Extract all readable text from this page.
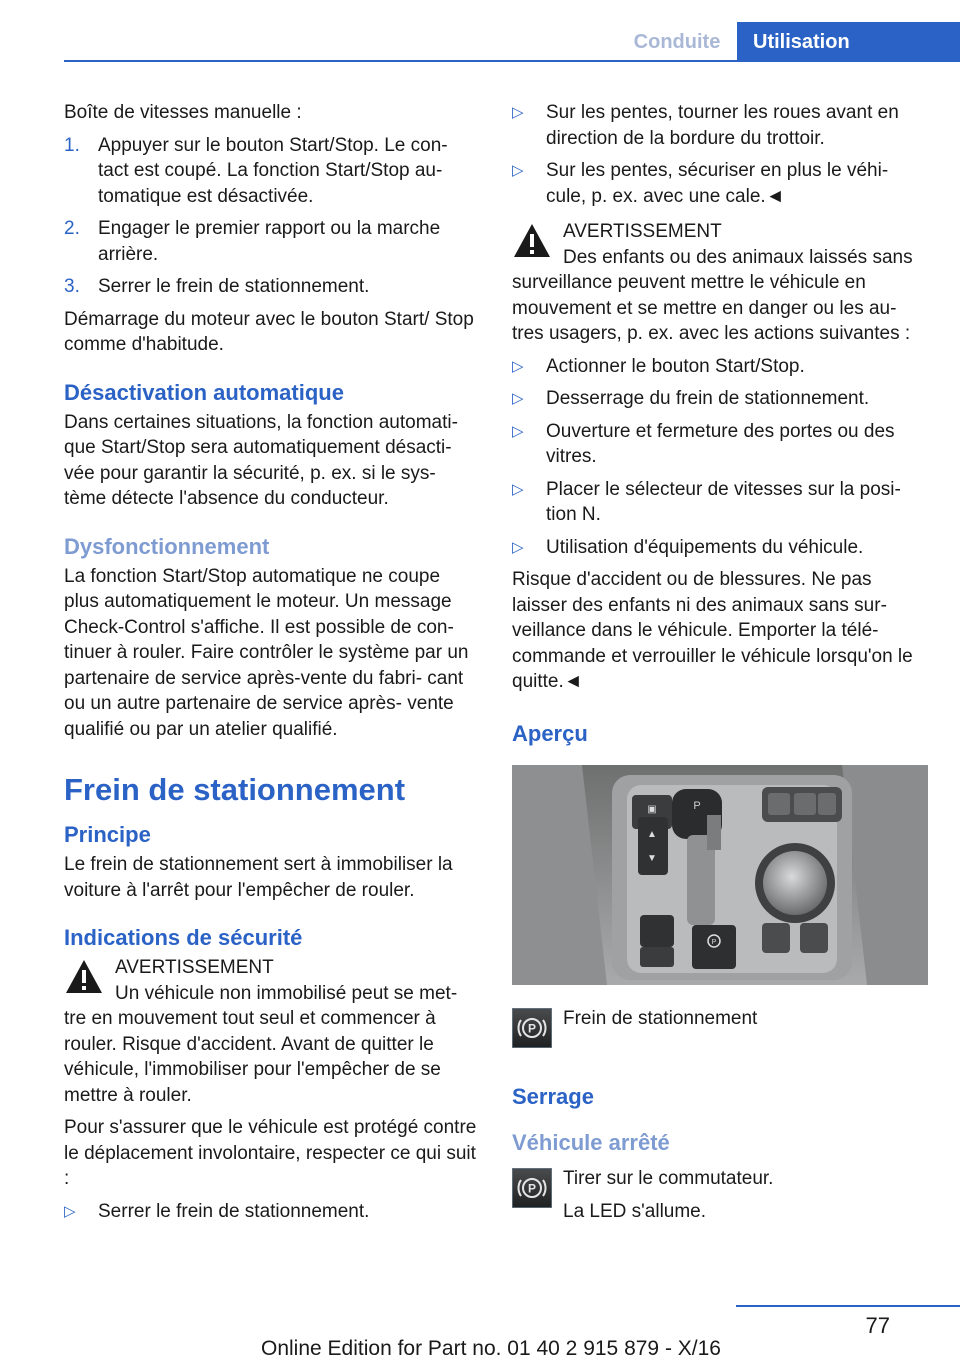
Conduite	Utilisation

Boîte de vitesses manuelle :

1. Appuyer sur le bouton Start/Stop. Le con‐ tact est coupé. La fonction Start/Stop au‐ tomatique est désactivée.
2. Engager le premier rapport ou la marche arrière.
3. Serrer le frein de stationnement.

Démarrage du moteur avec le bouton Start/ Stop comme d'habitude.

Désactivation automatique

Dans certaines situations, la fonction automati‐ que Start/Stop sera automatiquement désacti‐ vée pour garantir la sécurité, p. ex. si le sys‐ tème détecte l'absence du conducteur.

Dysfonctionnement

La fonction Start/Stop automatique ne coupe plus automatiquement le moteur. Un message Check-Control s'affiche. Il est possible de con‐ tinuer à rouler. Faire contrôler le système par un partenaire de service après-vente du fabri‐ cant ou un autre partenaire de service après- vente qualifié ou par un atelier qualifié.

Frein de stationnement
Principe

Le frein de stationnement sert à immobiliser la voiture à l'arrêt pour l'empêcher de rouler.

Indications de sécurité
AVERTISSEMENT
Un véhicule non immobilisé peut se met‐ tre en mouvement tout seul et commencer à rouler. Risque d'accident. Avant de quitter le véhicule, l'immobiliser pour l'empêcher de se mettre à rouler.

Pour s'assurer que le véhicule est protégé contre le déplacement involontaire, respecter ce qui suit :

▷	Serrer le frein de stationnement.
▷	Sur les pentes, tourner les roues avant en direction de la bordure du trottoir.
▷	Sur les pentes, sécuriser en plus le véhi‐ cule, p. ex. avec une cale.◄
AVERTISSEMENT
Des enfants ou des animaux laissés sans surveillance peuvent mettre le véhicule en mouvement et se mettre en danger ou les au‐ tres usagers, p. ex. avec les actions suivantes :
▷	Actionner le bouton Start/Stop.
▷	Desserrage du frein de stationnement.
▷	Ouverture et fermeture des portes ou des vitres.
▷	Placer le sélecteur de vitesses sur la posi‐ tion N.
▷	Utilisation d'équipements du véhicule.

Risque d'accident ou de blessures. Ne pas laisser des enfants ni des animaux sans sur‐ veillance dans le véhicule. Emporter la télé‐ commande et verrouiller le véhicule lorsqu'on le quitte.◄

Aperçu
▣
▲
▼
P
P
P Frein de stationnement
Serrage
Véhicule arrêté
P Tirer sur le commutateur.
La LED s'allume.
77
Online Edition for Part no. 01 40 2 915 879 - X/16
